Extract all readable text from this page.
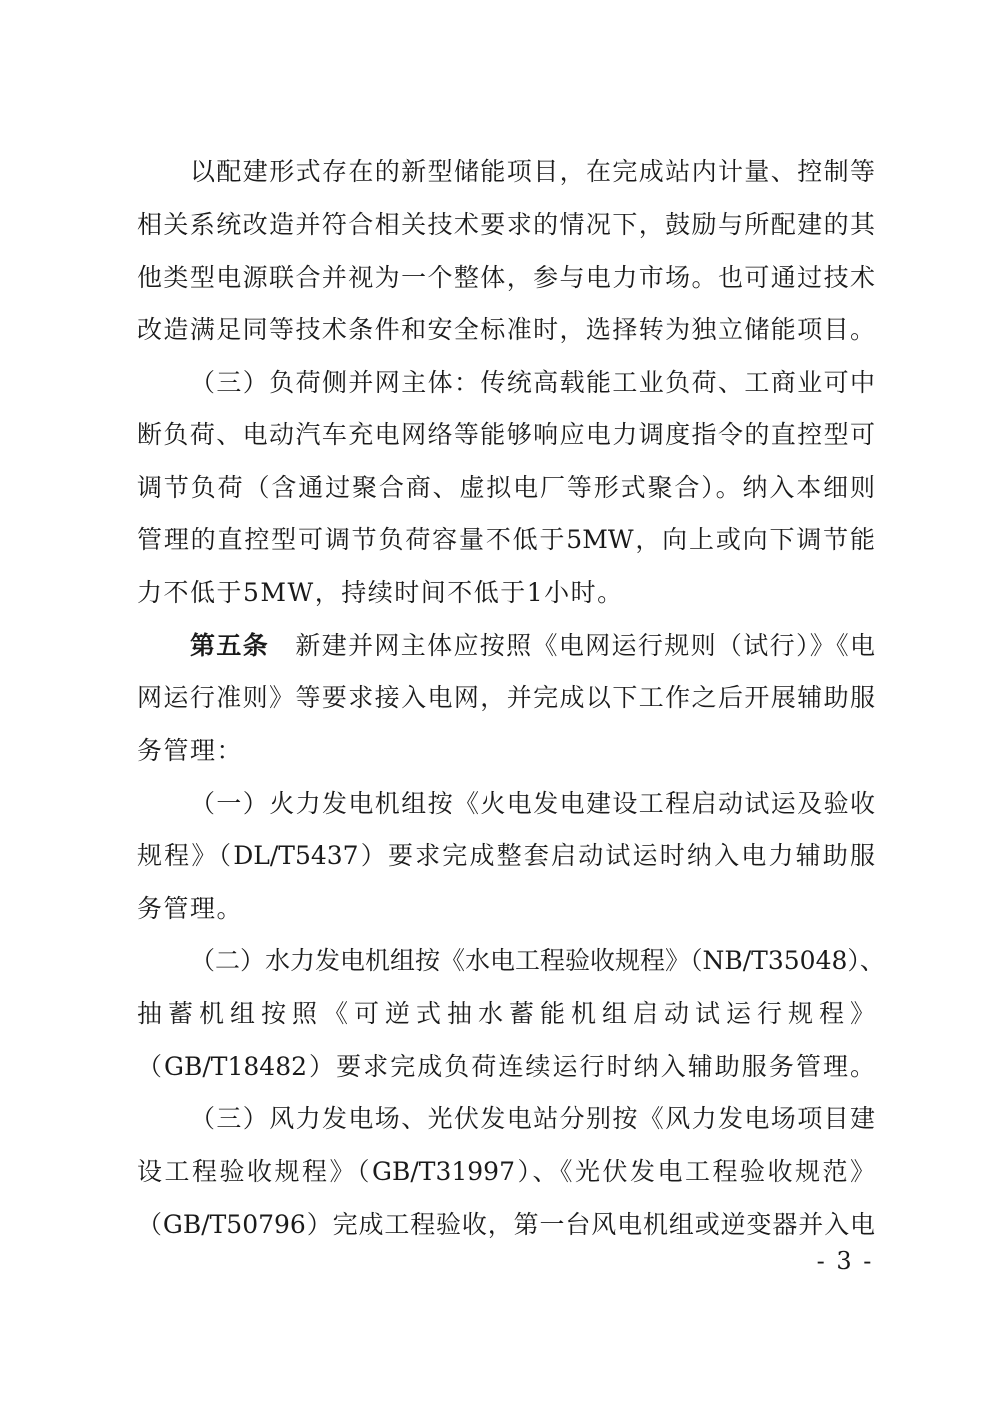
以配建形式存在的新型储能项目，在完成站内计量、控制等
相关系统改造并符合相关技术要求的情况下，鼓励与所配建的其
他类型电源联合并视为一个整体，参与电力市场。也可通过技术
改造满足同等技术条件和安全标准时，选择转为独立储能项目。
（三）负荷侧并网主体：传统高载能工业负荷、工商业可中
断负荷、电动汽车充电网络等能够响应电力调度指令的直控型可
调节负荷（含通过聚合商、虚拟电厂等形式聚合）。纳入本细则
管理的直控型可调节负荷容量不低于5MW，向上或向下调节能
力不低于5MW，持续时间不低于1小时。
第五条  新建并网主体应按照《电网运行规则（试行）》《电
网运行准则》等要求接入电网，并完成以下工作之后开展辅助服
务管理：
（一）火力发电机组按《火电发电建设工程启动试运及验收
规程》（DL/T5437）要求完成整套启动试运时纳入电力辅助服
务管理。
（二）水力发电机组按《水电工程验收规程》（NB/T35048）、
抽蓄机组按照《可逆式抽水蓄能机组启动试运行规程》
（GB/T18482）要求完成负荷连续运行时纳入辅助服务管理。
（三）风力发电场、光伏发电站分别按《风力发电场项目建
设工程验收规程》（GB/T31997）、《光伏发电工程验收规范》
（GB/T50796）完成工程验收，第一台风电机组或逆变器并入电
- 3 -
